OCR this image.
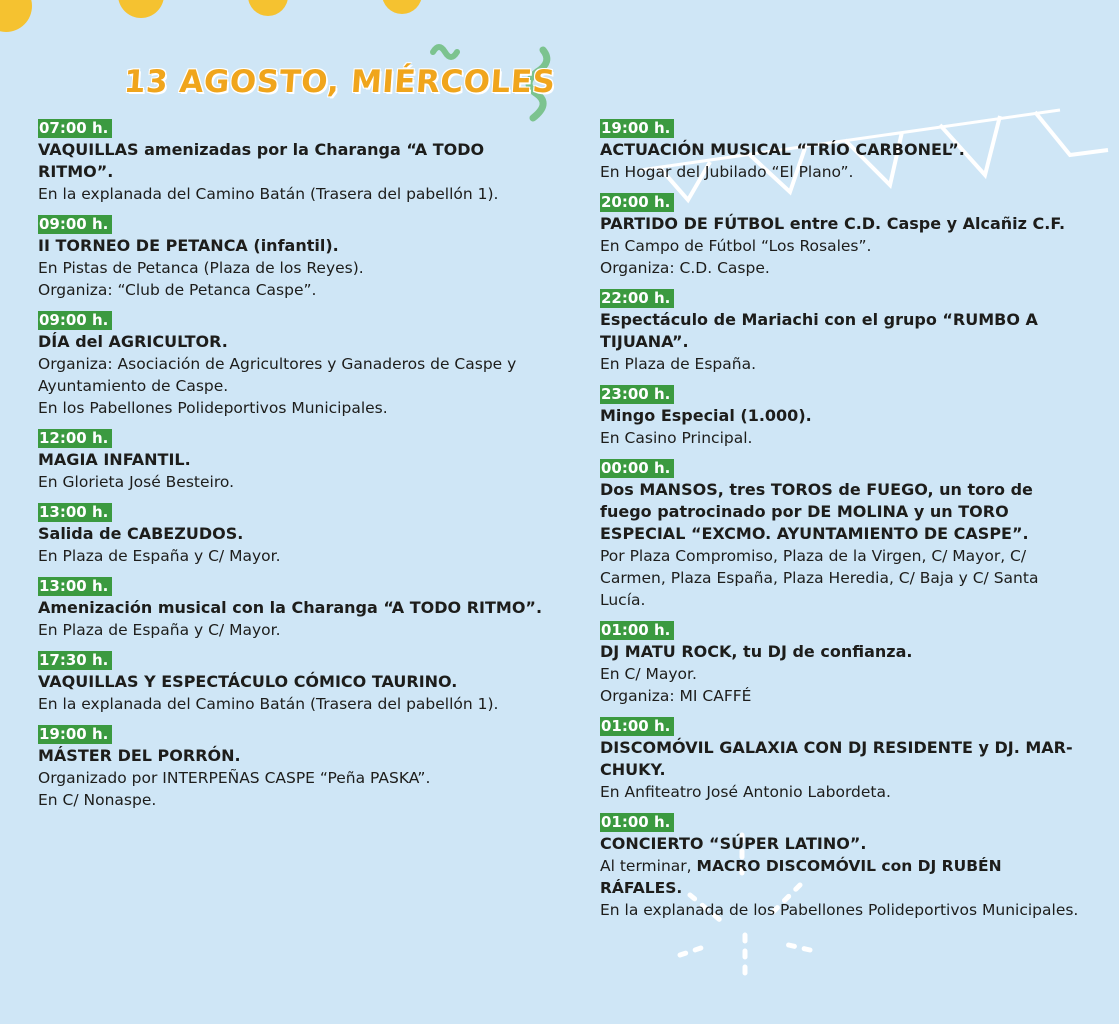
13 AGOSTO, MIÉRCOLES
07:00 h.

VAQUILLAS amenizadas por la Charanga “A TODO RITMO”.
En la explanada del Camino Batán (Trasera del pabellón 1).
09:00 h.

II TORNEO DE PETANCA (infantil).
En Pistas de Petanca (Plaza de los Reyes).
Organiza: “Club de Petanca Caspe”.
09:00 h.

DÍA del AGRICULTOR.
Organiza: Asociación de Agricultores y Ganaderos de Caspe y Ayuntamiento de Caspe.
En los Pabellones Polideportivos Municipales.
12:00 h.

MAGIA INFANTIL.
En Glorieta José Besteiro.
13:00 h.

Salida de CABEZUDOS.
En Plaza de España y C/ Mayor.
13:00 h.

Amenización musical con la Charanga “A TODO RITMO”.
En Plaza de España y C/ Mayor.
17:30 h.

VAQUILLAS Y ESPECTÁCULO CÓMICO TAURINO.
En la explanada del Camino Batán (Trasera del pabellón 1).
19:00 h.

MÁSTER DEL PORRÓN.
Organizado por INTERPEÑAS CASPE “Peña PASKA”.
En C/ Nonaspe.
19:00 h.

ACTUACIÓN MUSICAL “TRÍO CARBONEL”.
En Hogar del Jubilado “El Plano”.
20:00 h.

PARTIDO DE FÚTBOL entre C.D. Caspe y Alcañiz C.F.
En Campo de Fútbol “Los Rosales”.
Organiza: C.D. Caspe.
22:00 h.

Espectáculo de Mariachi con el grupo “RUMBO A TIJUANA”.
En Plaza de España.
23:00 h.

Mingo Especial (1.000).
En Casino Principal.
00:00 h.

Dos MANSOS, tres TOROS de FUEGO, un toro de fuego patrocinado por DE MOLINA y un TORO ESPECIAL “EXCMO. AYUNTAMIENTO DE CASPE”.
Por Plaza Compromiso, Plaza de la Virgen, C/ Mayor, C/ Carmen, Plaza España, Plaza Heredia, C/ Baja y C/ Santa Lucía.
01:00 h.

DJ MATU ROCK, tu DJ de confianza.
En C/ Mayor.
Organiza: MI CAFFÉ
01:00 h.

DISCOMÓVIL GALAXIA CON DJ RESIDENTE y DJ. MAR-CHUKY.
En Anfiteatro José Antonio Labordeta.
01:00 h.

CONCIERTO “SÚPER LATINO”.
Al terminar, MACRO DISCOMÓVIL con DJ RUBÉN RÁFALES.
En la explanada de los Pabellones Polideportivos Municipales.
